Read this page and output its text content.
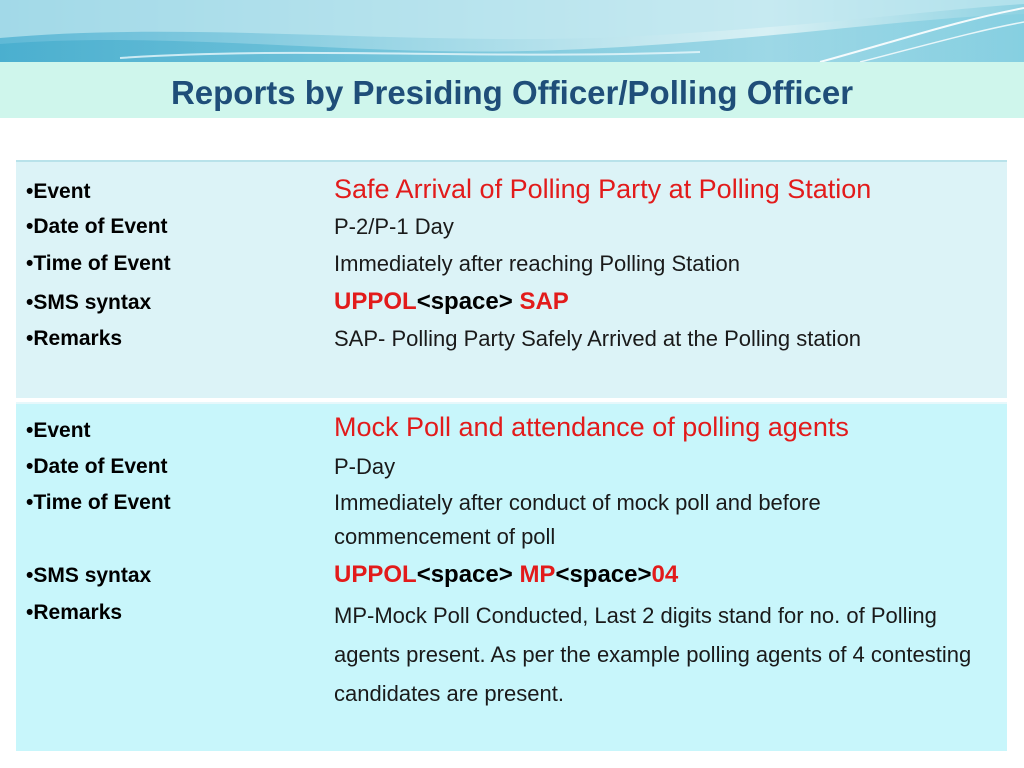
Reports by Presiding Officer/Polling Officer
•Event	Safe Arrival of Polling Party at Polling Station
•Date of Event	P-2/P-1 Day
•Time of Event	Immediately after reaching Polling Station
•SMS syntax	UPPOL<space> SAP
•Remarks	SAP- Polling Party Safely Arrived at the Polling station
•Event	Mock Poll and attendance of polling agents
•Date of Event	P-Day
•Time of Event	Immediately after conduct of mock poll and before commencement of poll
•SMS syntax	UPPOL<space> MP<space>04
•Remarks	MP-Mock Poll Conducted, Last 2 digits stand for no. of Polling agents present. As per the example polling agents of 4 contesting candidates are present.
